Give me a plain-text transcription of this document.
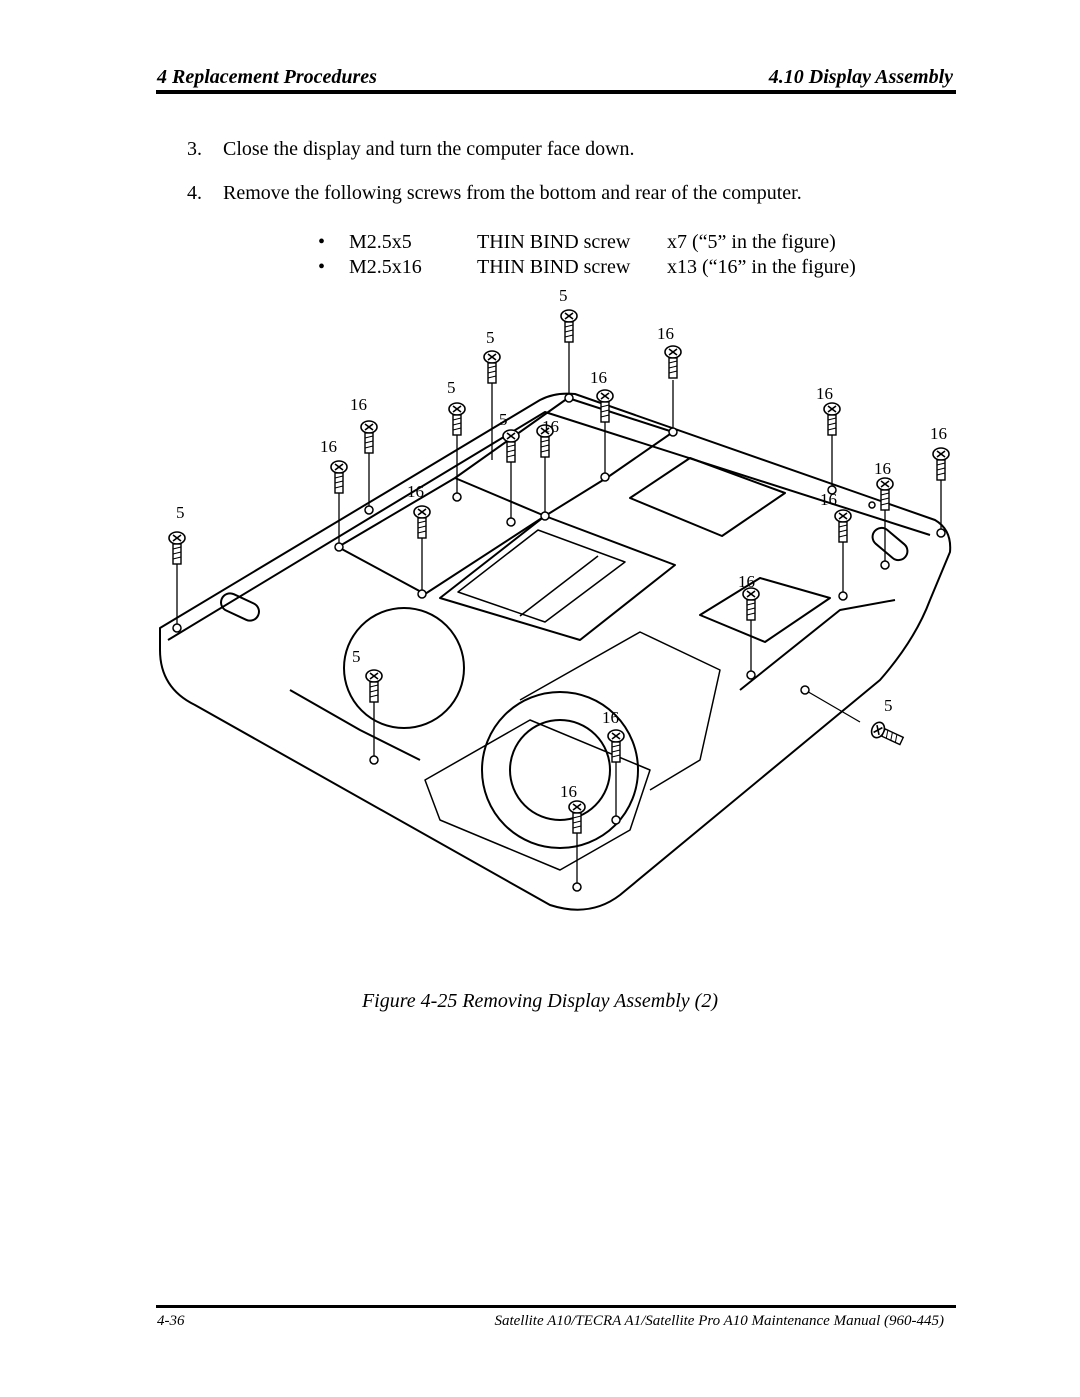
4 Replacement Procedures	4.10 Display Assembly
3. Close the display and turn the computer face down.
4. Remove the following screws from the bottom and rear of the computer.
• M2.5x5	THIN BIND screw x7 (“5” in the figure)
• M2.5x16	THIN BIND screw x13 (“16” in the figure)
5
5
16
16
5
16
16
5
16
16
16
16
16
16
5
16
5
16
16
5
Figure 4-25 Removing Display Assembly (2)
4-36	Satellite A10/TECRA A1/Satellite Pro A10 Maintenance Manual (960-445)
